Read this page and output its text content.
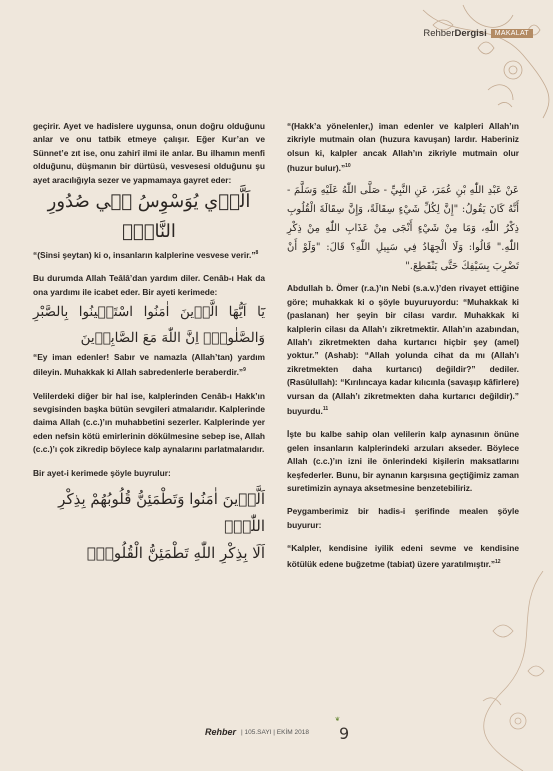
RehberDergisi	MAKALAT

geçirir. Ayet ve hadislere uygunsa, onun doğru olduğunu anlar ve onu tatbik etmeye çalışır. Eğer Kur’an ve Sünnet’e zıt ise, onu zahirî ilmi ile anlar. Bu ilhamın menfi olduğunu, düşmanın bir dürtüsü, vesvesesi olduğunu şu ayet aracılığıyla sezer ve yapmamaya gayret eder:

اَلَّذ۪ي يُوَسْوِسُ ف۪ي صُدُورِ النَّاسِۙ

“(Sinsi şeytan) ki o, insanların kalplerine vesvese verir.”$^8$

Bu durumda Allah Teâlâ’dan yardım diler. Cenâb-ı Hak da ona yardımı ile icabet eder. Bir ayeti kerimede:

يَٓا اَيُّهَا الَّذ۪ينَ اٰمَنُوا اسْتَع۪ينُوا بِالصَّبْرِ وَالصَّلٰوةِۜ اِنَّ اللّٰهَ مَعَ الصَّابِر۪ينَ

“Ey iman edenler! Sabır ve namazla (Allah’tan) yardım dileyin. Muhakkak ki Allah sabredenlerle beraberdir.”$^9$

Velilerdeki diğer bir hal ise, kalplerinden Cenâb-ı Hakk’ın sevgisinden başka bütün sevgileri atmalarıdır. Kalplerinde daima Allah (c.c.)’ın muhabbetini sezerler. Kalplerinde yer eden nefsin kötü emirlerinin dökülmesine sebep ise, Allah (c.c.)’ı çok zikredip böylece kalp aynalarını parlatmalarıdır.

Bir ayet-i kerimede şöyle buyrulur:

اَلَّذ۪ينَ اٰمَنُوا وَتَطْمَئِنُّ قُلُوبُهُمْ بِذِكْرِ اللّٰهِۜ
اَلَا بِذِكْرِ اللّٰهِ تَطْمَئِنُّ الْقُلُوبُۜ

“(Hakk’a yönelenler,) iman edenler ve kalpleri Allah’ın zikriyle mutmain olan (huzura kavuşan) lardır. Haberiniz olsun ki, kalpler ancak Allah’ın zikriyle mutmain olur (huzur bulur).”$^{10}$

عَنْ عَبْدِ اللّٰهِ بْنِ عُمَرَ، عَنِ النَّبِيِّ - صَلَّى اللّٰهُ عَلَيْهِ وَسَلَّمَ - أَنَّهُ كَانَ يَقُولُ: "إِنَّ لِكُلِّ شَيْءٍ سِقَالَةً، وَإِنَّ سِقَالَةَ الْقُلُوبِ ذِكْرُ اللّٰهِ، وَمَا مِنْ شَيْءٍ أَنْجَى مِنْ عَذَابِ اللّٰهِ مِنْ ذِكْرِ اللّٰهِ." قَالُوا: وَلَا الْجِهَادُ فِي سَبِيلِ اللّٰهِ؟ قَالَ: "وَلَوْ أَنْ تَضْرِبَ بِسَيْفِكَ حَتَّى يَنْقَطِعَ."

Abdullah b. Ömer (r.a.)’ın Nebi (s.a.v.)’den rivayet ettiğine göre; muhakkak ki o şöyle buyuruyordu: “Muhakkak ki (paslanan) her şeyin bir cilası vardır. Muhakkak ki kalplerin cilası da Allah’ı zikretmektir. Allah’ın azabından, Allah’ı zikretmekten daha kurtarıcı hiçbir şey (amel) yoktur.” (Ashab): “Allah yolunda cihat da mı (Allah’ı zikretmekten daha kurtarıcı) değildir?” dediler. (Rasûlullah): “Kırılıncaya kadar kılıcınla (savaşıp kâfirlere) vursan da (Allah’ı zikretmekten daha kurtarıcı değildir).” buyurdu.$^{11}$

İşte bu kalbe sahip olan velilerin kalp aynasının önüne gelen insanların kalplerindeki arzuları akseder. Böylece Allah (c.c.)’ın izni ile önlerindeki kişilerin maksatlarını keşfederler. Bunu, bir aynanın karşısına geçtiğimiz zaman suretimizin aynaya aksetmesine benzetebiliriz.

Peygamberimiz bir hadis-i şerifinde mealen şöyle buyurur:

“Kalpler, kendisine iyilik edeni sevme ve kendisine kötülük edene buğzetme (tabiat) üzere yaratılmıştır.”$^{12}$

Rehber | 105.SAYI | EKİM 2018
❦
9
